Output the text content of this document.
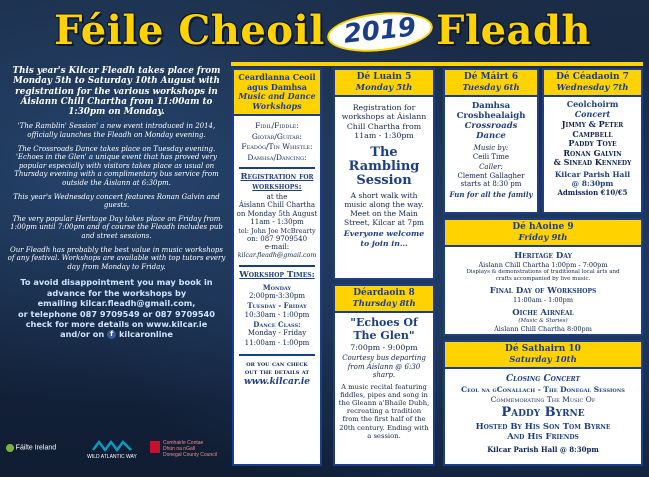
Féile Cheoil 2019 Fleadh
This year's Kilcar Fleadh takes place from Monday 5th to Saturday 10th August with registration for the various workshops in Áislann Chill Chartha from 11:00am to 1:30pm on Monday.

'The Ramblin' Session' a new event introduced in 2014, officially launches the Fleadh on Monday evening.

The Crossroads Dance takes place on Tuesday evening. 'Echoes in the Glen' a unique event that has proved very popular especially with visitors takes place as usual on Thursday evening with a complimentary bus service from outside the Áislann at 6:30pm.

This year's Wednesday concert features Ronan Galvin and guests.

The very popular Heritage Day takes place on Friday from 1:00pm until 7:00pm and of course the Fleadh includes pub and street sessions.

Our Fleadh has probably the best value in music workshops of any festival. Workshops are available with top tutors every day from Monday to Friday.

To avoid disappointment you may book in advance for the workshops by
emailing kilcar.fleadh@gmail.com,
or telephone 087 9709549 or 087 9709540
check for more details on www.kilcar.ie
and/or on f kilcaronline
Fáilte Ireland
WILD ATLANTIC WAY
Comhairle Contae
Dhún na nGall
Donegal County Council
Ceardlanna Ceoil
agus Damhsa
Music and Dance
Workshops
Fidil/Fiddle:
Giotár/Guitar:
Feadóg/Tin Whistle:
Damhsa/Dancing:
Registration for workshops:
at the
Áislann Chill Chartha
on Monday 5th August
11am - 1:30pm
tel: John Joe McBrearty
on: 087 9709540
e-mail:
kilcar.fleadh@gmail.com
Workshop Times:
Monday
2:00pm-3:30pm
Tuesday - Friday
10:30am - 1:00pm
Dance Class:
Monday - Friday
11:00am - 1:00pm
or you can check
out the details at
www.kilcar.ie
Dé Luain 5
Monday 5th
Registration for workshops at Áislann Chill Chartha from 11am - 1:30pm
The Rambling Session
A short walk with music along the way. Meet on the Main Street, Kilcar at 7pm
Everyone welcome to join in…
Déardaoin 8
Thursday 8th
"Echoes Of The Glen"
7:00pm - 9:00pm
Courtesy bus departing from Áislann @ 6:30 sharp.
A music recital featuring fiddles, pipes and song in the Gleann a'Bhaile Dubh, recreating a tradition from the first half of the 20th century. Ending with a session.
Dé Máirt 6
Tuesday 6th
Damhsa
Crosbhealaigh
Crossroads
Dance
Music by:
Ceili Time
Caller:
Clement Gallagher
starts at 8:30 pm
Fun for all the family
Dé Céadaoin 7
Wednesday 7th
Ceolchoirm
Concert
Jimmy & Peter
Campbell
Paddy Toye
Ronan Galvin
& Sinead Kennedy
Kilcar Parish Hall
@ 8:30pm
Admission €10/€5
Dé hAoine 9
Friday 9th
Heritage Day
Áislann Chill Chartha 1:00pm - 7:00pm
Displays & demonstrations of traditional local arts and crafts accompanied by live music.
Final Day of Workshops
11:00am - 1:00pm
Oiche Airnéal
(Music & Stories)
Áislann Chill Chartha 8:00pm
Dé Sathairn 10
Saturday 10th
Closing Concert
Ceol na gConallach - The Donegal Sessions
Commemorating The Music Of
Paddy Byrne
Hosted By His Son Tom Byrne
And His Friends
Kilcar Parish Hall @ 8:30pm
